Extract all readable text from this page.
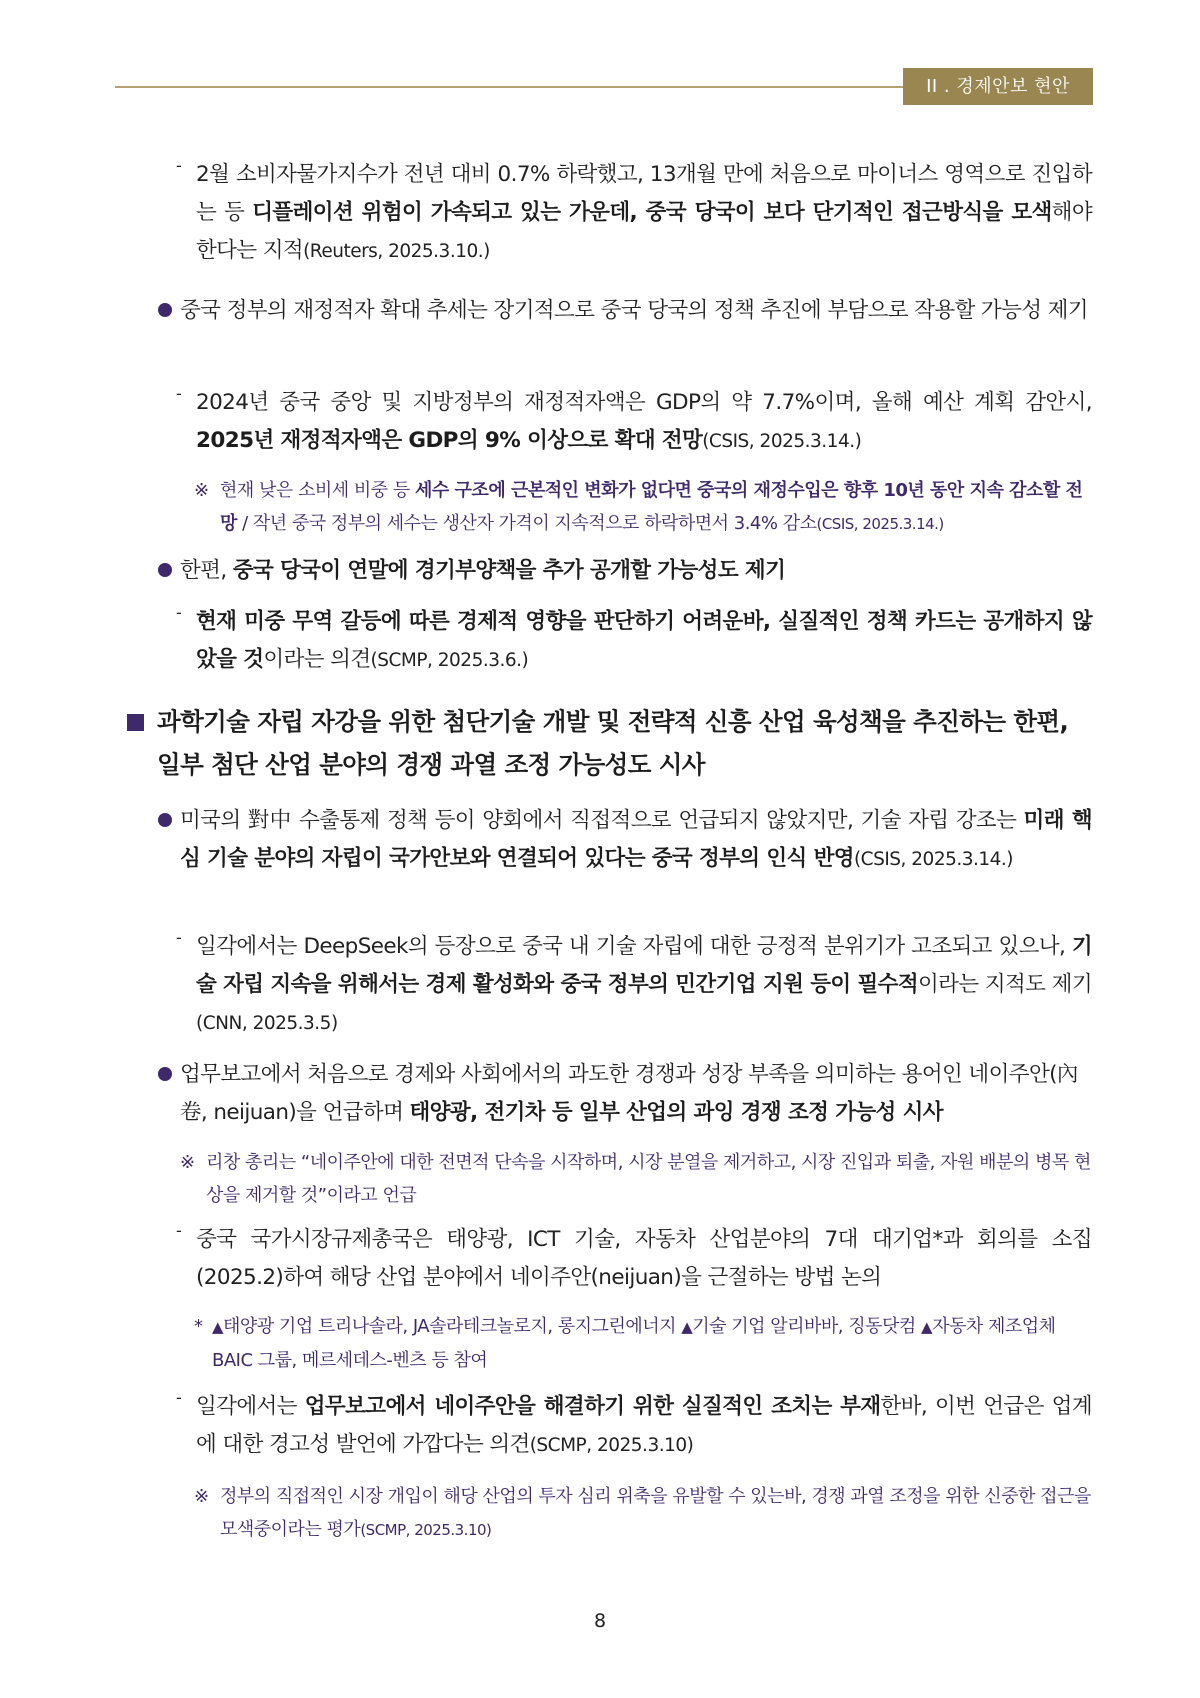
II . 경제안보 현안
- 2월 소비자물가지수가 전년 대비 0.7% 하락했고, 13개월 만에 처음으로 마이너스 영역으로 진입하는 등 디플레이션 위험이 가속되고 있는 가운데, 중국 당국이 보다 단기적인 접근방식을 모색해야 한다는 지적(Reuters, 2025.3.10.)
중국 정부의 재정적자 확대 추세는 장기적으로 중국 당국의 정책 추진에 부담으로 작용할 가능성 제기
- 2024년 중국 중앙 및 지방정부의 재정적자액은 GDP의 약 7.7%이며, 올해 예산 계획 감안시, 2025년 재정적자액은 GDP의 9% 이상으로 확대 전망(CSIS, 2025.3.14.)
※ 현재 낮은 소비세 비중 등 세수 구조에 근본적인 변화가 없다면 중국의 재정수입은 향후 10년 동안 지속 감소할 전망 / 작년 중국 정부의 세수는 생산자 가격이 지속적으로 하락하면서 3.4% 감소(CSIS, 2025.3.14.)
한편, 중국 당국이 연말에 경기부양책을 추가 공개할 가능성도 제기
- 현재 미중 무역 갈등에 따른 경제적 영향을 판단하기 어려운바, 실질적인 정책 카드는 공개하지 않았을 것이라는 의견(SCMP, 2025.3.6.)
과학기술 자립 자강을 위한 첨단기술 개발 및 전략적 신흥 산업 육성책을 추진하는 한편, 일부 첨단 산업 분야의 경쟁 과열 조정 가능성도 시사
미국의 對中 수출통제 정책 등이 양회에서 직접적으로 언급되지 않았지만, 기술 자립 강조는 미래 핵심 기술 분야의 자립이 국가안보와 연결되어 있다는 중국 정부의 인식 반영(CSIS, 2025.3.14.)
- 일각에서는 DeepSeek의 등장으로 중국 내 기술 자립에 대한 긍정적 분위기가 고조되고 있으나, 기술 자립 지속을 위해서는 경제 활성화와 중국 정부의 민간기업 지원 등이 필수적이라는 지적도 제기(CNN, 2025.3.5)
업무보고에서 처음으로 경제와 사회에서의 과도한 경쟁과 성장 부족을 의미하는 용어인 네이주안(內卷, neijuan)을 언급하며 태양광, 전기차 등 일부 산업의 과잉 경쟁 조정 가능성 시사
※ 리창 총리는 “네이주안에 대한 전면적 단속을 시작하며, 시장 분열을 제거하고, 시장 진입과 퇴출, 자원 배분의 병목 현상을 제거할 것”이라고 언급
- 중국 국가시장규제총국은 태양광, ICT 기술, 자동차 산업분야의 7대 대기업*과 회의를 소집(2025.2)하여 해당 산업 분야에서 네이주안(neijuan)을 근절하는 방법 논의
* ▲태양광 기업 트리나솔라, JA솔라테크놀로지, 롱지그린에너지 ▲기술 기업 알리바바, 징동닷컴 ▲자동차 제조업체 BAIC 그룹, 메르세데스-벤츠 등 참여
- 일각에서는 업무보고에서 네이주안을 해결하기 위한 실질적인 조치는 부재한바, 이번 언급은 업계에 대한 경고성 발언에 가깝다는 의견(SCMP, 2025.3.10)
※ 정부의 직접적인 시장 개입이 해당 산업의 투자 심리 위축을 유발할 수 있는바, 경쟁 과열 조정을 위한 신중한 접근을 모색중이라는 평가(SCMP, 2025.3.10)
8
